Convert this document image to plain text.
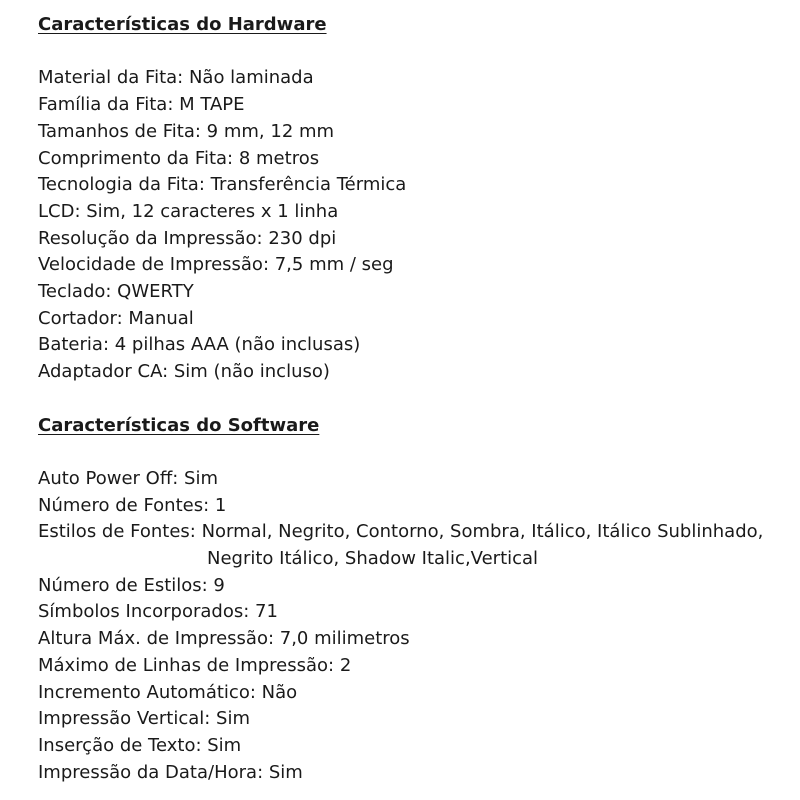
Características do Hardware
Material da Fita: Não laminada
Família da Fita: M TAPE
Tamanhos de Fita: 9 mm, 12 mm
Comprimento da Fita: 8 metros
Tecnologia da Fita: Transferência Térmica
LCD: Sim, 12 caracteres x 1 linha
Resolução da Impressão: 230 dpi
Velocidade de Impressão: 7,5 mm / seg
Teclado: QWERTY
Cortador: Manual
Bateria: 4 pilhas AAA (não inclusas)
Adaptador CA: Sim (não incluso)
Características do Software
Auto Power Off: Sim
Número de Fontes: 1
Estilos de Fontes: Normal, Negrito, Contorno, Sombra, Itálico, Itálico Sublinhado,
Negrito Itálico, Shadow Italic,Vertical
Número de Estilos: 9
Símbolos Incorporados: 71
Altura Máx. de Impressão: 7,0 milimetros
Máximo de Linhas de Impressão: 2
Incremento Automático: Não
Impressão Vertical: Sim
Inserção de Texto: Sim
Impressão da Data/Hora: Sim
